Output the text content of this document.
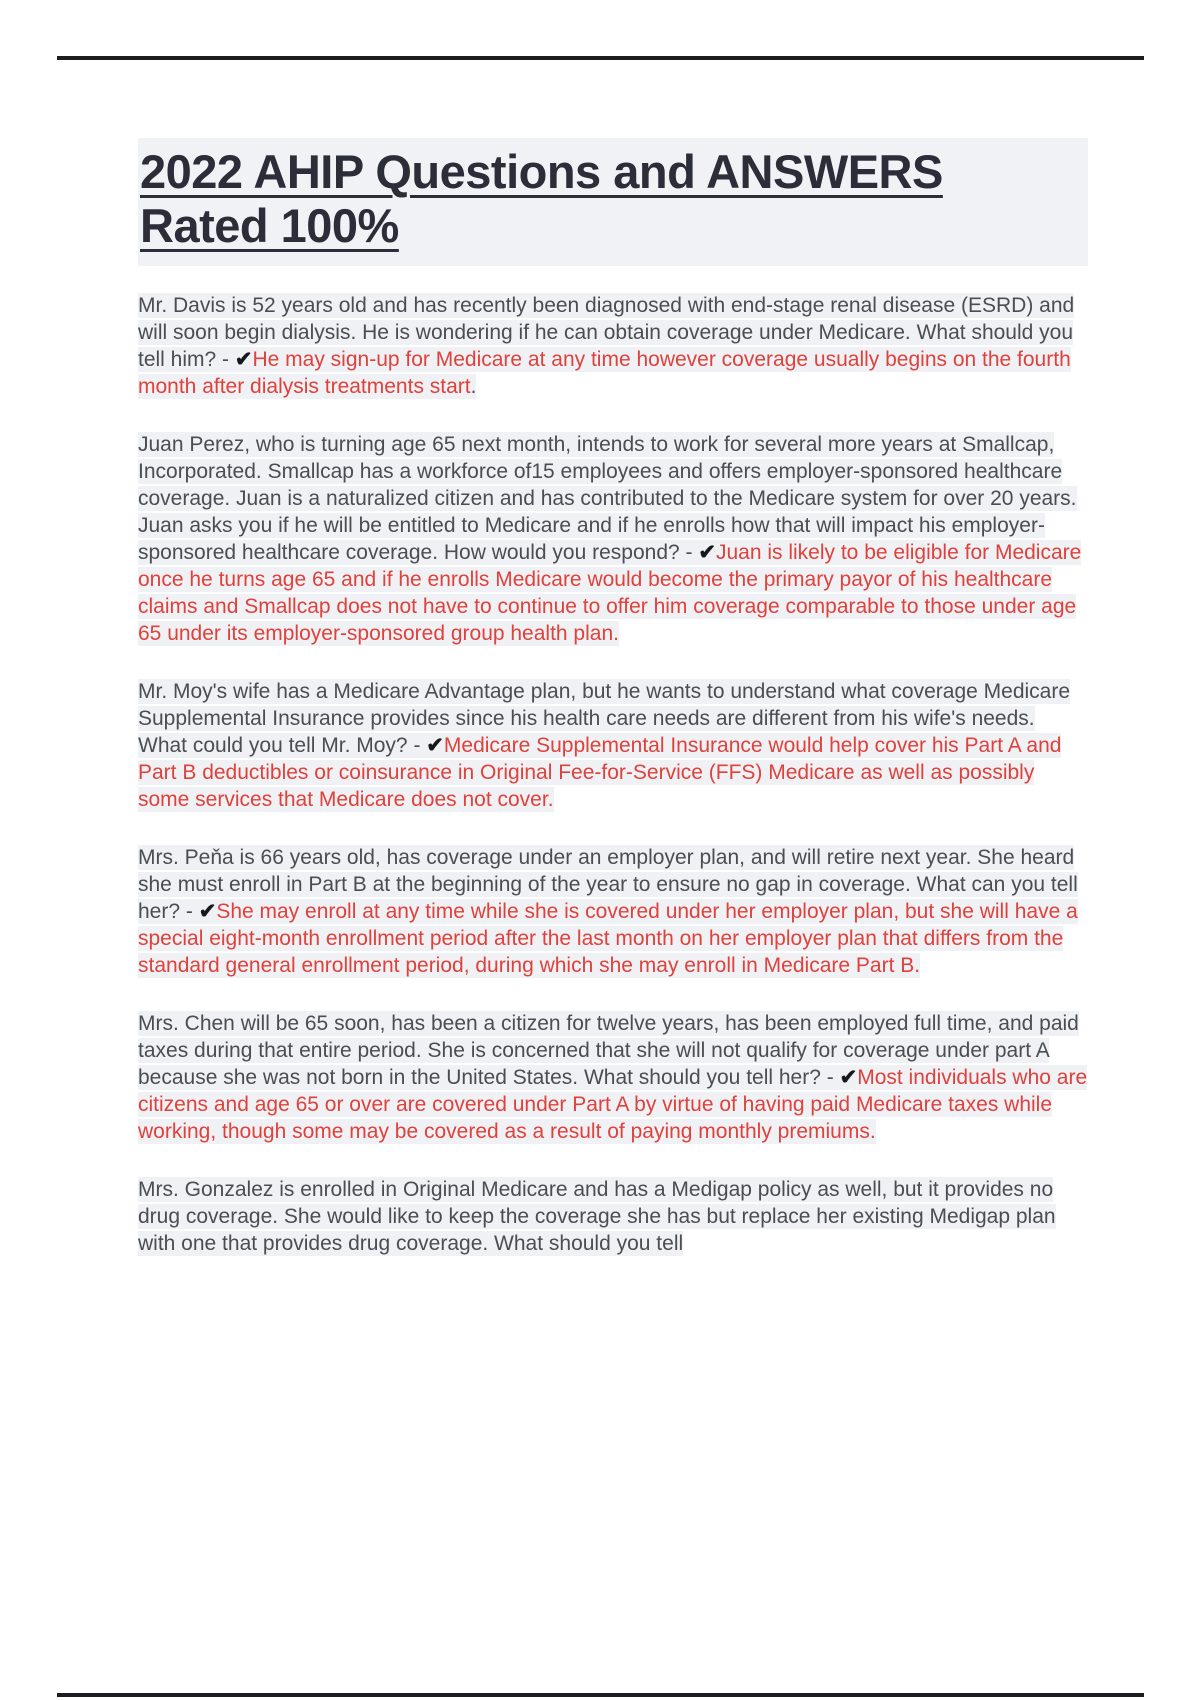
2022 AHIP Questions and ANSWERS
Rated 100%

Mr. Davis is 52 years old and has recently been diagnosed with end-stage renal disease (ESRD) and will soon begin dialysis. He is wondering if he can obtain coverage under Medicare. What should you tell him? - ✔He may sign-up for Medicare at any time however coverage usually begins on the fourth month after dialysis treatments start.

Juan Perez, who is turning age 65 next month, intends to work for several more years at Smallcap, Incorporated. Smallcap has a workforce of15 employees and offers employer-sponsored healthcare coverage. Juan is a naturalized citizen and has contributed to the Medicare system for over 20 years. Juan asks you if he will be entitled to Medicare and if he enrolls how that will impact his employer-sponsored healthcare coverage. How would you respond? - ✔Juan is likely to be eligible for Medicare once he turns age 65 and if he enrolls Medicare would become the primary payor of his healthcare claims and Smallcap does not have to continue to offer him coverage comparable to those under age 65 under its employer-sponsored group health plan.

Mr. Moy's wife has a Medicare Advantage plan, but he wants to understand what coverage Medicare Supplemental Insurance provides since his health care needs are different from his wife's needs. What could you tell Mr. Moy? - ✔Medicare Supplemental Insurance would help cover his Part A and Part B deductibles or coinsurance in Original Fee-for-Service (FFS) Medicare as well as possibly some services that Medicare does not cover.

Mrs. Peňa is 66 years old, has coverage under an employer plan, and will retire next year. She heard she must enroll in Part B at the beginning of the year to ensure no gap in coverage. What can you tell her? - ✔She may enroll at any time while she is covered under her employer plan, but she will have a special eight-month enrollment period after the last month on her employer plan that differs from the standard general enrollment period, during which she may enroll in Medicare Part B.

Mrs. Chen will be 65 soon, has been a citizen for twelve years, has been employed full time, and paid taxes during that entire period. She is concerned that she will not qualify for coverage under part A because she was not born in the United States. What should you tell her? - ✔Most individuals who are citizens and age 65 or over are covered under Part A by virtue of having paid Medicare taxes while working, though some may be covered as a result of paying monthly premiums.

Mrs. Gonzalez is enrolled in Original Medicare and has a Medigap policy as well, but it provides no drug coverage. She would like to keep the coverage she has but replace her existing Medigap plan with one that provides drug coverage. What should you tell
